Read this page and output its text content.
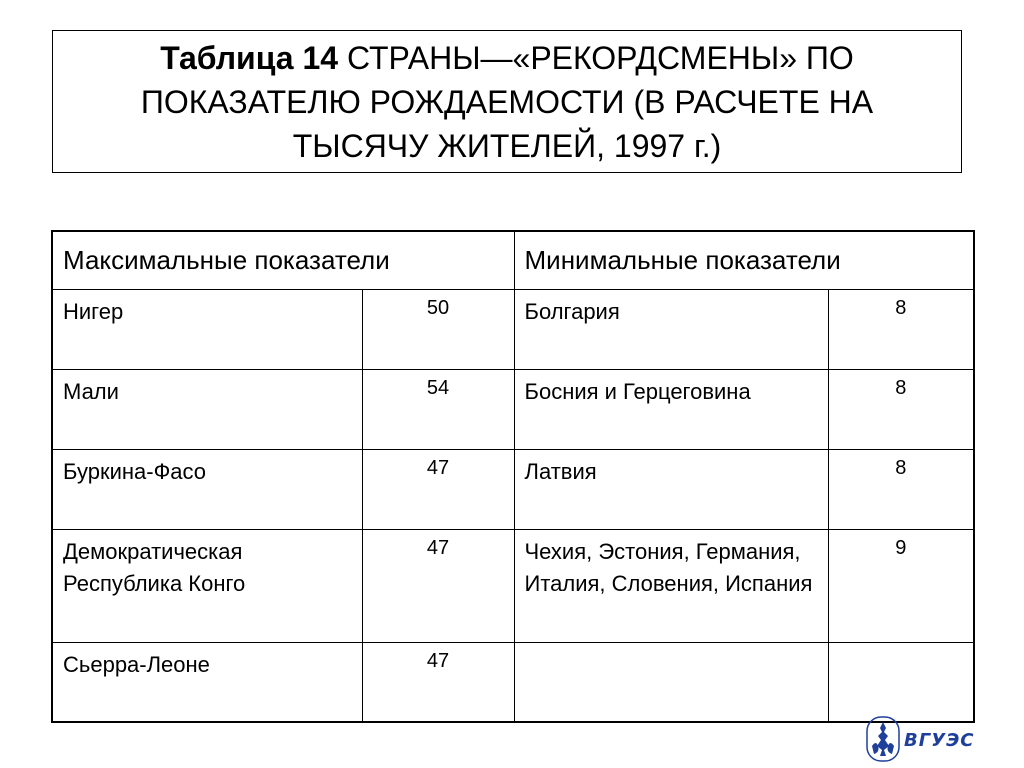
Таблица 14 СТРАНЫ—«РЕКОРДСМЕНЫ» ПО ПОКАЗАТЕЛЮ РОЖДАЕМОСТИ (В РАСЧЕТЕ НА ТЫСЯЧУ ЖИТЕЛЕЙ, 1997 г.)
Максимальные показатели		Минимальные показатели	
Нигер	50	Болгария	8
Мали	54	Босния и Герцеговина	8
Буркина-Фасо	47	Латвия	8
Демократическая Республика Конго	47	Чехия, Эстония, Германия, Италия, Словения, Испания	9
Сьерра-Леоне	47		
ВГУЭС
